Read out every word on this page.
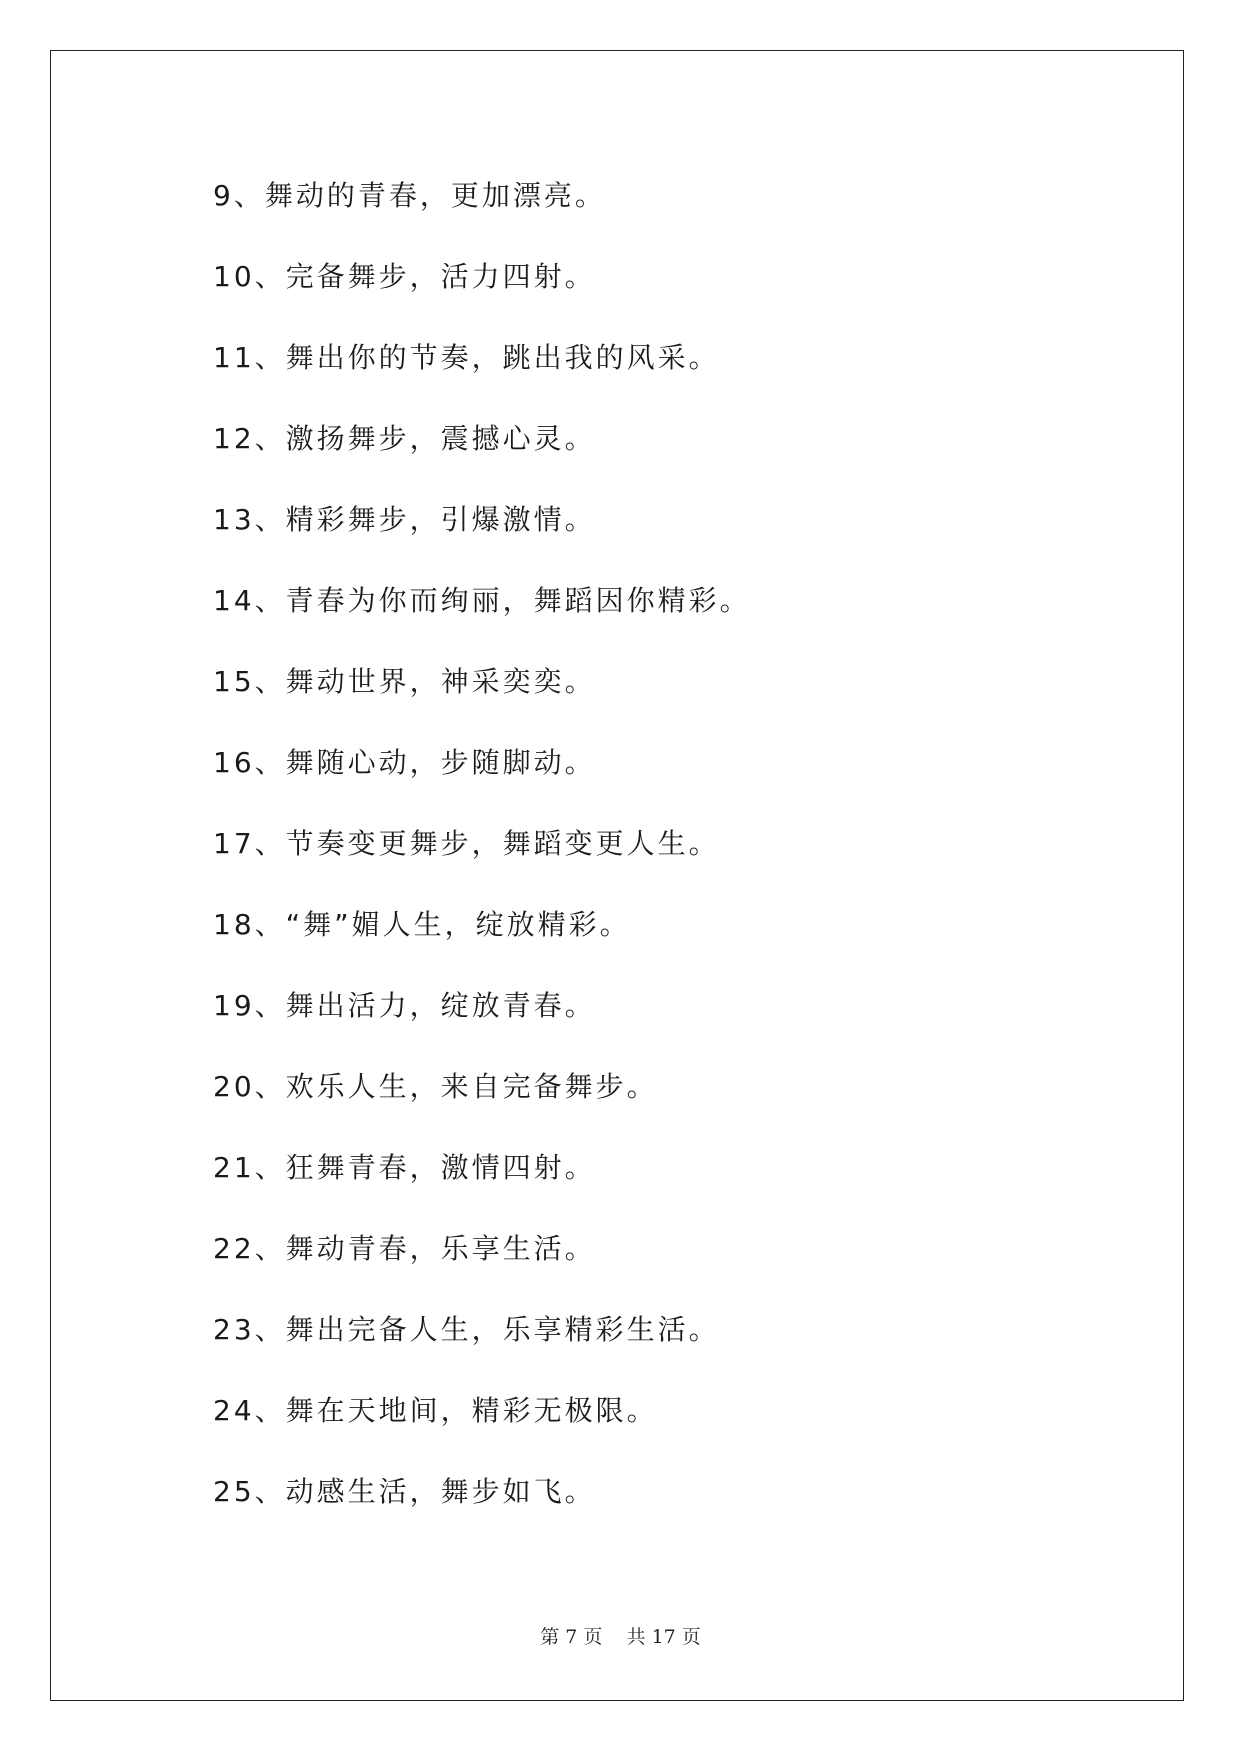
9、舞动的青春，更加漂亮。
10、完备舞步，活力四射。
11、舞出你的节奏，跳出我的风采。
12、激扬舞步，震撼心灵。
13、精彩舞步，引爆激情。
14、青春为你而绚丽，舞蹈因你精彩。
15、舞动世界，神采奕奕。
16、舞随心动，步随脚动。
17、节奏变更舞步，舞蹈变更人生。
18、“舞”媚人生，绽放精彩。
19、舞出活力，绽放青春。
20、欢乐人生，来自完备舞步。
21、狂舞青春，激情四射。
22、舞动青春，乐享生活。
23、舞出完备人生，乐享精彩生活。
24、舞在天地间，精彩无极限。
25、动感生活，舞步如飞。
第 7 页    共 17 页
